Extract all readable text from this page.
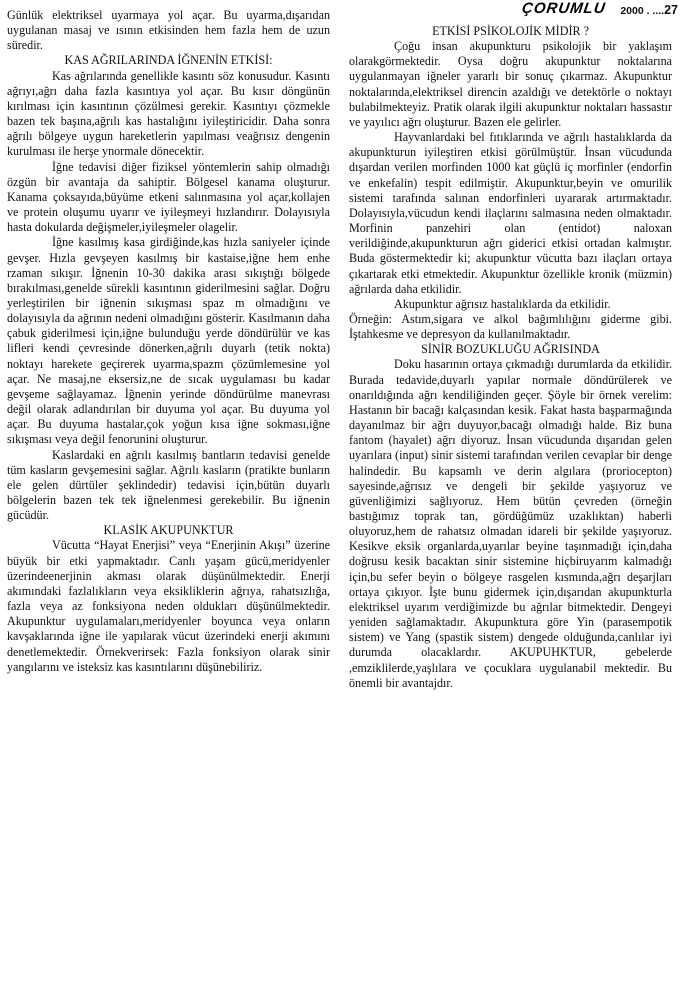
ÇORUMLU 2000 . ....27

Günlük elektriksel uyarmaya yol açar. Bu uyarma,dışarıdan uygulanan masaj ve ısının etkisinden hem fazla hem de uzun süredir.

KAS AĞRILARINDA İĞNENİN ETKİSİ:

Kas ağrılarında genellikle kasıntı söz konusudur. Kasıntı ağrıyı,ağrı daha fazla kasıntıya yol açar. Bu kısır döngünün kırılması için kasıntının çözülmesi gerekir. Kasıntıyı çözmekle bazen tek başına,ağrılı kas hastalığını iyileştiricidir. Daha sonra ağrılı bölgeye uygun hareketlerin yapılması veağrısız dengenin kurulması ile herşe ynormale dönecektir.

İğne tedavisi diğer fiziksel yöntemlerin sahip olmadığı özgün bir avantaja da sahiptir. Bölgesel kanama oluşturur. Kanama çoksayıda,büyüme etkeni salınmasına yol açar,kollajen ve protein oluşumu uyarır ve iyileşmeyi hızlandırır. Dolayısıyla hasta dokularda değişmeler,iyileşmeler olagelir.

İğne kasılmış kasa girdiğinde,kas hızla saniyeler içinde gevşer. Hızla gevşeyen kasılmış bir kastaise,iğne hem enhe rzaman sıkışır. İğnenin 10-30 dakika arası sıkıştığı bölgede bırakılması,genelde sürekli kasıntının giderilmesini sağlar. Doğru yerleştirilen bir iğnenin sıkışması spaz m olmadığını ve dolayısıyla da ağrının nedeni olmadığını gösterir. Kasılmanın daha çabuk giderilmesi için,iğne bulunduğu yerde döndürülür ve kas lifleri kendi çevresinde dönerken,ağrılı duyarlı (tetik nokta) noktayı harekete geçirerek uyarma,spazm çözümlemesine yol açar. Ne masaj,ne eksersiz,ne de sıcak uygulaması bu kadar gevşeme sağlayamaz. İğnenin yerinde döndürülme manevrası değil olarak adlandırılan bir duyuma yol açar. Bu duyuma yol açar. Bu duyuma hastalar,çok yoğun kısa iğne sokması,iğne sıkışması veya değil fenorunini oluşturur.

Kaslardaki en ağrılı kasılmış bantların tedavisi genelde tüm kasların gevşemesini sağlar. Ağrılı kasların (pratikte bunların ele gelen dürtüler şeklindedir) tedavisi için,bütün duyarlı bölgelerin bazen tek tek iğnelenmesi gerekebilir. Bu iğnenin gücüdür.

KLASİK AKUPUNKTUR

Vücutta “Hayat Enerjisi” veya “Enerjinin Akışı” üzerine büyük bir etki yapmaktadır. Canlı yaşam gücü,meridyenler üzerindeenerjinin akması olarak düşünülmektedir. Enerji akımındaki fazlalıkların veya eksikliklerin ağrıya, rahatsızlığa, fazla veya az fonksiyona neden oldukları düşünülmektedir. Akupunktur uygulamaları,meridyenler boyunca veya onların kavşaklarında iğne ile yapılarak vücut üzerindeki enerji akımını denetlemektedir. Örnekverirsek: Fazla fonksiyon olarak sinir yangılarını ve isteksiz kas kasıntılarını düşünebiliriz.

ETKİSİ PSİKOLOJİK MİDİR ?

Çoğu insan akupunkturu psikolojik bir yaklaşım olarakgörmektedir. Oysa doğru akupunktur noktalarına uygulanmayan iğneler yararlı bir sonuç çıkarmaz. Akupunktur noktalarında,elektriksel direncin azaldığı ve detektörle o noktayı bulabilmekteyiz. Pratik olarak ilgili akupunktur noktaları hassastır ve yayılıcı ağrı oluşturur. Bazen ele gelirler.

Hayvanlardaki bel fıtıklarında ve ağrılı hastalıklarda da akupunkturun iyileştiren etkisi görülmüştür. İnsan vücudunda dışardan verilen morfinden 1000 kat güçlü iç morfinler (endorfin ve enkefalin) tespit edilmiştir. Akupunktur,beyin ve omurilik sistemi tarafında salınan endorfinleri uyararak artırmaktadır. Dolayısıyla,vücudun kendi ilaçlarını salmasına neden olmaktadır. Morfinin panzehiri olan (entidot) naloxan verildiğinde,akupunkturun ağrı giderici etkisi ortadan kalmıştır. Buda göstermektedir ki; akupunktur vücutta bazı ilaçları ortaya çıkartarak etki etmektedir. Akupunktur özellikle kronik (müzmin) ağrılarda daha etkilidir.

Akupunktur ağrısız hastalıklarda da etkilidir.

Örneğin: Astım,sigara ve alkol bağımlılığını giderme gibi. İştahkesme ve depresyon da kullanılmaktadır.

SİNİR BOZUKLUĞU AĞRISINDA

Doku hasarının ortaya çıkmadığı durumlarda da etkilidir. Burada tedavide,duyarlı yapılar normale döndürülerek ve onarıldığında ağrı kendiliğinden geçer. Şöyle bir örnek verelim: Hastanın bir bacağı kalçasından kesik. Fakat hasta başparmağında dayanılmaz bir ağrı duyuyor,bacağı olmadığı halde. Biz buna fantom (hayalet) ağrı diyoruz. İnsan vücudunda dışarıdan gelen uyarılara (input) sinir sistemi tarafından verilen cevaplar bir denge halindedir. Bu kapsamlı ve derin algılara (proriocepton) sayesinde,ağrısız ve dengeli bir şekilde yaşıyoruz ve güvenliğimizi sağlıyoruz. Hem bütün çevreden (örneğin bastığımız toprak tan, gördüğümüz uzaklıktan) haberli oluyoruz,hem de rahatsız olmadan idareli bir şekilde yaşıyoruz. Kesikve eksik organlarda,uyarılar beyine taşınmadığı için,daha doğrusu kesik bacaktan sinir sistemine hiçbiruyarım kalmadığı için,bu sefer beyin o bölgeye rasgelen kısmında,ağrı deşarjları ortaya çıkıyor. İşte bunu gidermek için,dışarıdan akupunkturla elektriksel uyarım verdiğimizde bu ağrılar bitmektedir. Dengeyi yeniden sağlamaktadır. Akupunktura göre Yin (parasempotik sistem) ve Yang (spastik sistem) dengede olduğunda,canlılar iyi durumda olacaklardır. AKUPUHKTUR, gebelerde ,emziklilerde,yaşlılara ve çocuklara uygulanabil mektedir. Bu önemli bir avantajdır.
